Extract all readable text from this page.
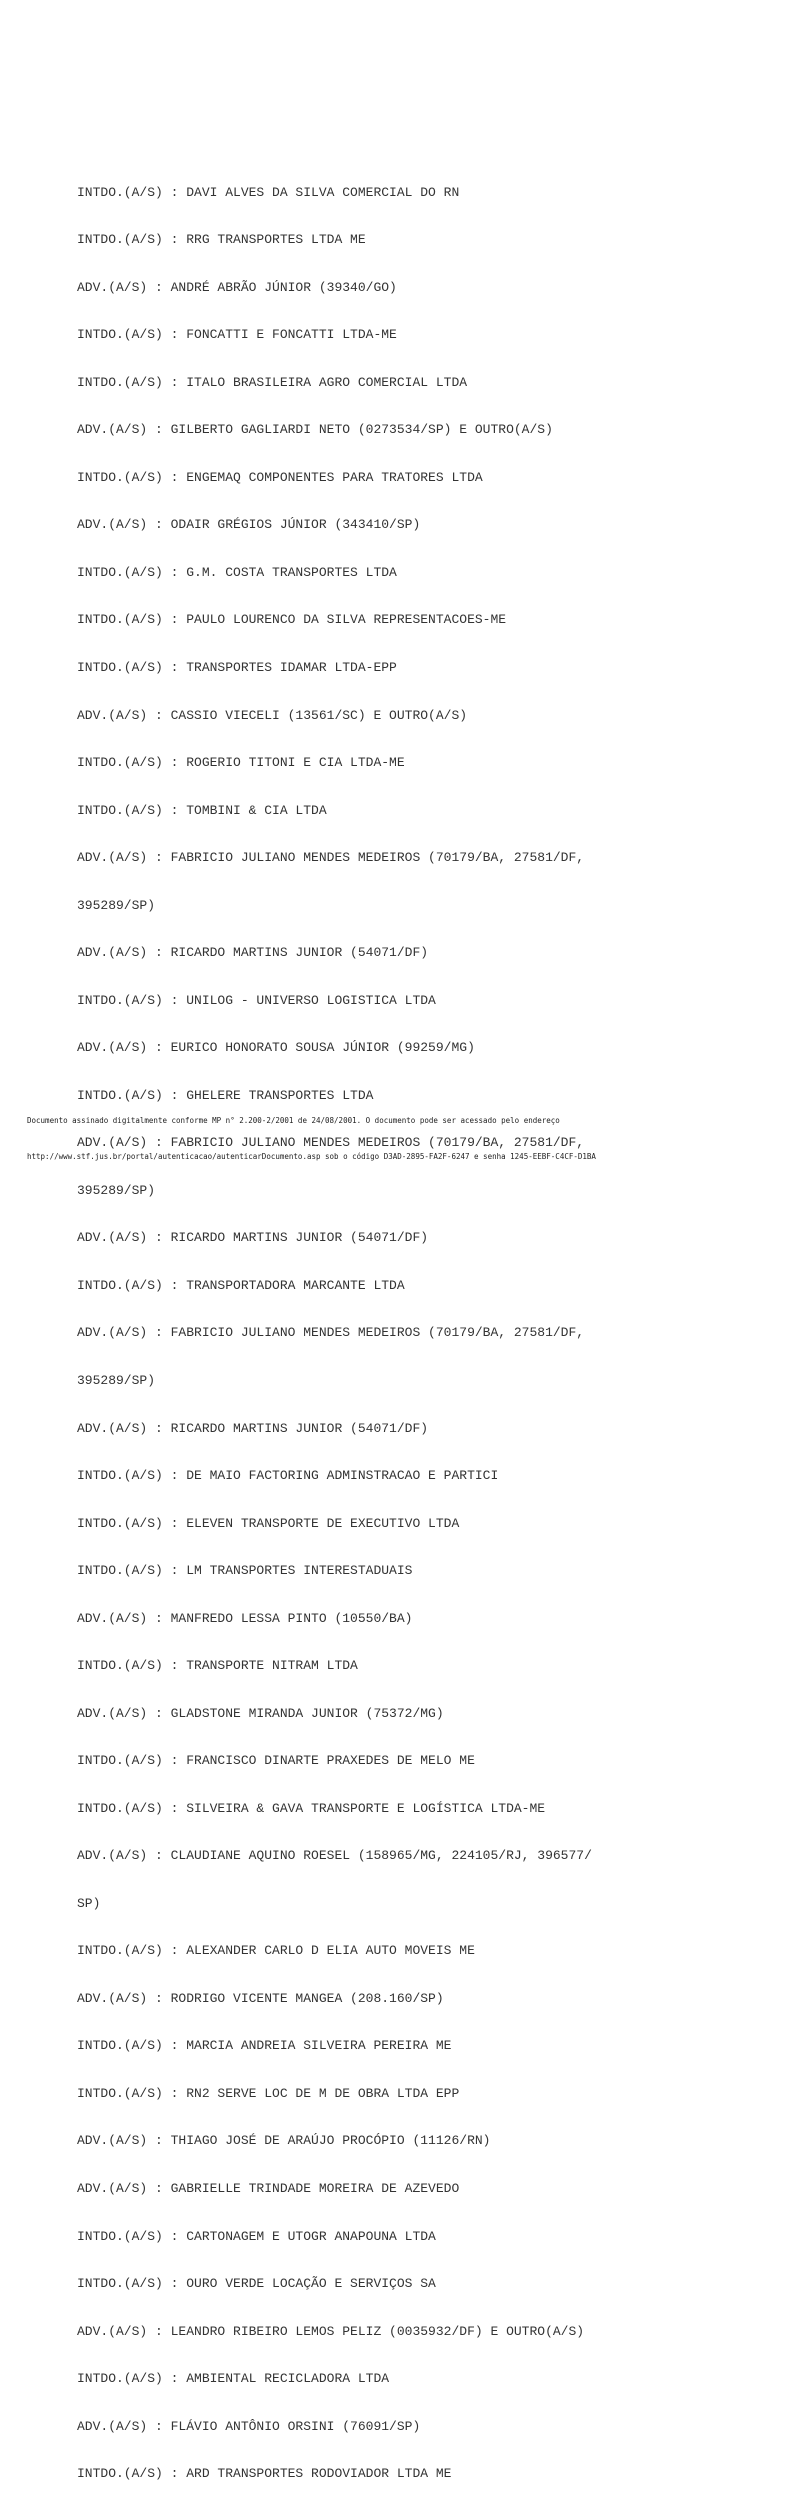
INTDO.(A/S) : DAVI ALVES DA SILVA COMERCIAL DO RN

INTDO.(A/S) : RRG TRANSPORTES LTDA ME

ADV.(A/S) : ANDRÉ ABRÃO JÚNIOR (39340/GO)

INTDO.(A/S) : FONCATTI E FONCATTI LTDA-ME

INTDO.(A/S) : ITALO BRASILEIRA AGRO COMERCIAL LTDA

ADV.(A/S) : GILBERTO GAGLIARDI NETO (0273534/SP) E OUTRO(A/S)

INTDO.(A/S) : ENGEMAQ COMPONENTES PARA TRATORES LTDA

ADV.(A/S) : ODAIR GRÉGIOS JÚNIOR (343410/SP)

INTDO.(A/S) : G.M. COSTA TRANSPORTES LTDA

INTDO.(A/S) : PAULO LOURENCO DA SILVA REPRESENTACOES-ME

INTDO.(A/S) : TRANSPORTES IDAMAR LTDA-EPP

ADV.(A/S) : CASSIO VIECELI (13561/SC) E OUTRO(A/S)

INTDO.(A/S) : ROGERIO TITONI E CIA LTDA-ME

INTDO.(A/S) : TOMBINI & CIA LTDA

ADV.(A/S) : FABRICIO JULIANO MENDES MEDEIROS (70179/BA, 27581/DF,

395289/SP)

ADV.(A/S) : RICARDO MARTINS JUNIOR (54071/DF)

INTDO.(A/S) : UNILOG - UNIVERSO LOGISTICA LTDA

ADV.(A/S) : EURICO HONORATO SOUSA JÚNIOR (99259/MG)

INTDO.(A/S) : GHELERE TRANSPORTES LTDA

ADV.(A/S) : FABRICIO JULIANO MENDES MEDEIROS (70179/BA, 27581/DF,

395289/SP)

ADV.(A/S) : RICARDO MARTINS JUNIOR (54071/DF)

INTDO.(A/S) : TRANSPORTADORA MARCANTE LTDA

ADV.(A/S) : FABRICIO JULIANO MENDES MEDEIROS (70179/BA, 27581/DF,

395289/SP)

ADV.(A/S) : RICARDO MARTINS JUNIOR (54071/DF)

INTDO.(A/S) : DE MAIO FACTORING ADMINSTRACAO E PARTICI

INTDO.(A/S) : ELEVEN TRANSPORTE DE EXECUTIVO LTDA

INTDO.(A/S) : LM TRANSPORTES INTERESTADUAIS

ADV.(A/S) : MANFREDO LESSA PINTO (10550/BA)

INTDO.(A/S) : TRANSPORTE NITRAM LTDA

ADV.(A/S) : GLADSTONE MIRANDA JUNIOR (75372/MG)

INTDO.(A/S) : FRANCISCO DINARTE PRAXEDES DE MELO ME

INTDO.(A/S) : SILVEIRA & GAVA TRANSPORTE E LOGÍSTICA LTDA-ME

ADV.(A/S) : CLAUDIANE AQUINO ROESEL (158965/MG, 224105/RJ, 396577/

SP)

INTDO.(A/S) : ALEXANDER CARLO D ELIA AUTO MOVEIS ME

ADV.(A/S) : RODRIGO VICENTE MANGEA (208.160/SP)

INTDO.(A/S) : MARCIA ANDREIA SILVEIRA PEREIRA ME

INTDO.(A/S) : RN2 SERVE LOC DE M DE OBRA LTDA EPP

ADV.(A/S) : THIAGO JOSÉ DE ARAÚJO PROCÓPIO (11126/RN)

ADV.(A/S) : GABRIELLE TRINDADE MOREIRA DE AZEVEDO

INTDO.(A/S) : CARTONAGEM E UTOGR ANAPOUNA LTDA

INTDO.(A/S) : OURO VERDE LOCAÇÃO E SERVIÇOS SA

ADV.(A/S) : LEANDRO RIBEIRO LEMOS PELIZ (0035932/DF) E OUTRO(A/S)

INTDO.(A/S) : AMBIENTAL RECICLADORA LTDA

ADV.(A/S) : FLÁVIO ANTÔNIO ORSINI (76091/SP)

INTDO.(A/S) : ARD TRANSPORTES RODOVIADOR LTDA ME

Documento assinado digitalmente conforme MP n° 2.200-2/2001 de 24/08/2001. O documento pode ser acessado pelo endereço

http://www.stf.jus.br/portal/autenticacao/autenticarDocumento.asp sob o código D3AD-2895-FA2F-6247 e senha 1245-EEBF-C4CF-D1BA
